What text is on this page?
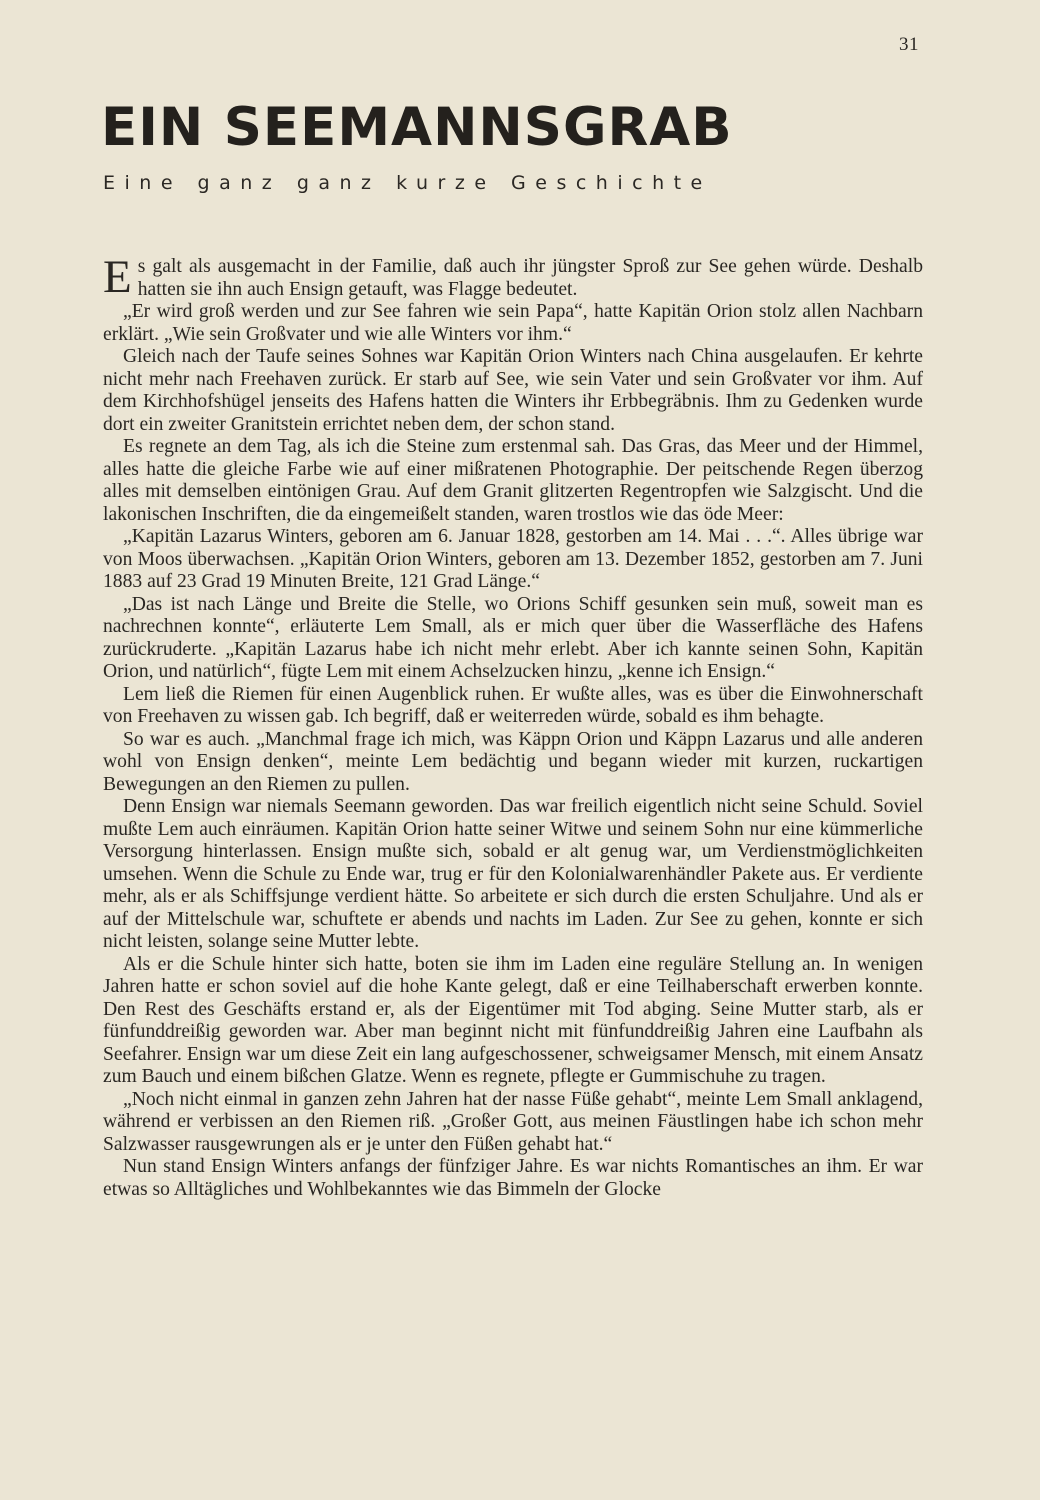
31
EIN SEEMANNSGRAB
Eine ganz ganz kurze Geschichte

Es galt als ausgemacht in der Familie, daß auch ihr jüngster Sproß zur See gehen würde. Deshalb hatten sie ihn auch Ensign getauft, was Flagge bedeutet.

„Er wird groß werden und zur See fahren wie sein Papa“, hatte Kapitän Orion stolz allen Nachbarn erklärt. „Wie sein Großvater und wie alle Winters vor ihm.“

Gleich nach der Taufe seines Sohnes war Kapitän Orion Winters nach China ausgelaufen. Er kehrte nicht mehr nach Freehaven zurück. Er starb auf See, wie sein Vater und sein Großvater vor ihm. Auf dem Kirchhofshügel jenseits des Hafens hatten die Winters ihr Erbbegräbnis. Ihm zu Gedenken wurde dort ein zweiter Granitstein errichtet neben dem, der schon stand.

Es regnete an dem Tag, als ich die Steine zum erstenmal sah. Das Gras, das Meer und der Himmel, alles hatte die gleiche Farbe wie auf einer mißratenen Photographie. Der peitschende Regen überzog alles mit demselben eintönigen Grau. Auf dem Granit glitzerten Regentropfen wie Salzgischt. Und die lakonischen Inschriften, die da eingemeißelt standen, waren trostlos wie das öde Meer:

„Kapitän Lazarus Winters, geboren am 6. Januar 1828, gestorben am 14. Mai . . .“. Alles übrige war von Moos überwachsen. „Kapitän Orion Winters, geboren am 13. Dezember 1852, gestorben am 7. Juni 1883 auf 23 Grad 19 Minuten Breite, 121 Grad Länge.“

„Das ist nach Länge und Breite die Stelle, wo Orions Schiff gesunken sein muß, soweit man es nachrechnen konnte“, erläuterte Lem Small, als er mich quer über die Wasserfläche des Hafens zurückruderte. „Kapitän Lazarus habe ich nicht mehr erlebt. Aber ich kannte seinen Sohn, Kapitän Orion, und natürlich“, fügte Lem mit einem Achselzucken hinzu, „kenne ich Ensign.“

Lem ließ die Riemen für einen Augenblick ruhen. Er wußte alles, was es über die Einwohnerschaft von Freehaven zu wissen gab. Ich begriff, daß er weiterreden würde, sobald es ihm behagte.

So war es auch. „Manchmal frage ich mich, was Käppn Orion und Käppn Lazarus und alle anderen wohl von Ensign denken“, meinte Lem bedächtig und begann wieder mit kurzen, ruckartigen Bewegungen an den Riemen zu pullen.

Denn Ensign war niemals Seemann geworden. Das war freilich eigentlich nicht seine Schuld. Soviel mußte Lem auch einräumen. Kapitän Orion hatte seiner Witwe und seinem Sohn nur eine kümmerliche Versorgung hinterlassen. Ensign mußte sich, sobald er alt genug war, um Verdienstmöglichkeiten umsehen. Wenn die Schule zu Ende war, trug er für den Kolonialwarenhändler Pakete aus. Er verdiente mehr, als er als Schiffsjunge verdient hätte. So arbeitete er sich durch die ersten Schuljahre. Und als er auf der Mittelschule war, schuftete er abends und nachts im Laden. Zur See zu gehen, konnte er sich nicht leisten, solange seine Mutter lebte.

Als er die Schule hinter sich hatte, boten sie ihm im Laden eine reguläre Stellung an. In wenigen Jahren hatte er schon soviel auf die hohe Kante gelegt, daß er eine Teilhaberschaft erwerben konnte. Den Rest des Geschäfts erstand er, als der Eigentümer mit Tod abging. Seine Mutter starb, als er fünfunddreißig geworden war. Aber man beginnt nicht mit fünfunddreißig Jahren eine Laufbahn als Seefahrer. Ensign war um diese Zeit ein lang aufgeschossener, schweigsamer Mensch, mit einem Ansatz zum Bauch und einem bißchen Glatze. Wenn es regnete, pflegte er Gummischuhe zu tragen.

„Noch nicht einmal in ganzen zehn Jahren hat der nasse Füße gehabt“, meinte Lem Small anklagend, während er verbissen an den Riemen riß. „Großer Gott, aus meinen Fäustlingen habe ich schon mehr Salzwasser rausgewrungen als er je unter den Füßen gehabt hat.“

Nun stand Ensign Winters anfangs der fünfziger Jahre. Es war nichts Romantisches an ihm. Er war etwas so Alltägliches und Wohlbekanntes wie das Bimmeln der Glocke
